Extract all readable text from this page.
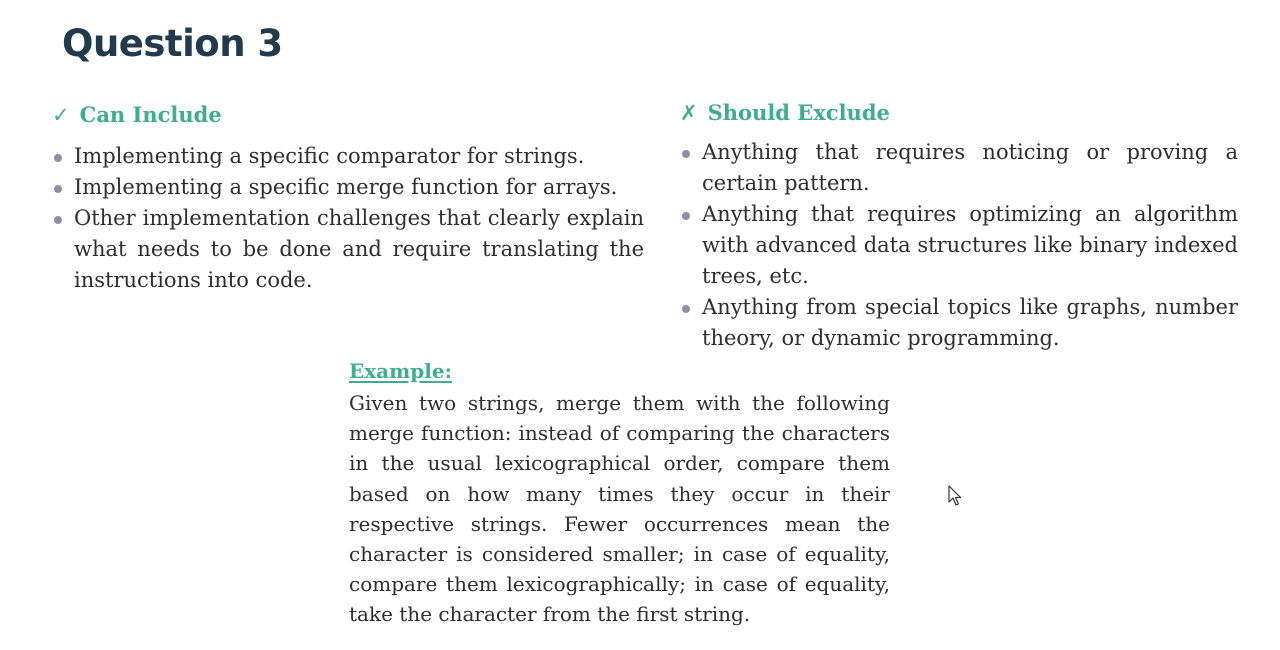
Question 3
✓ Can Include
Implementing a specific comparator for strings.
Implementing a specific merge function for arrays.
Other implementation challenges that clearly explain what needs to be done and require translating the instructions into code.
✗ Should Exclude
Anything that requires noticing or proving a certain pattern.
Anything that requires optimizing an algorithm with advanced data structures like binary indexed trees, etc.
Anything from special topics like graphs, number theory, or dynamic programming.
Example:

Given two strings, merge them with the following merge function: instead of comparing the characters in the usual lexicographical order, compare them based on how many times they occur in their respective strings. Fewer occurrences mean the character is considered smaller; in case of equality, compare them lexicographically; in case of equality, take the character from the first string.
